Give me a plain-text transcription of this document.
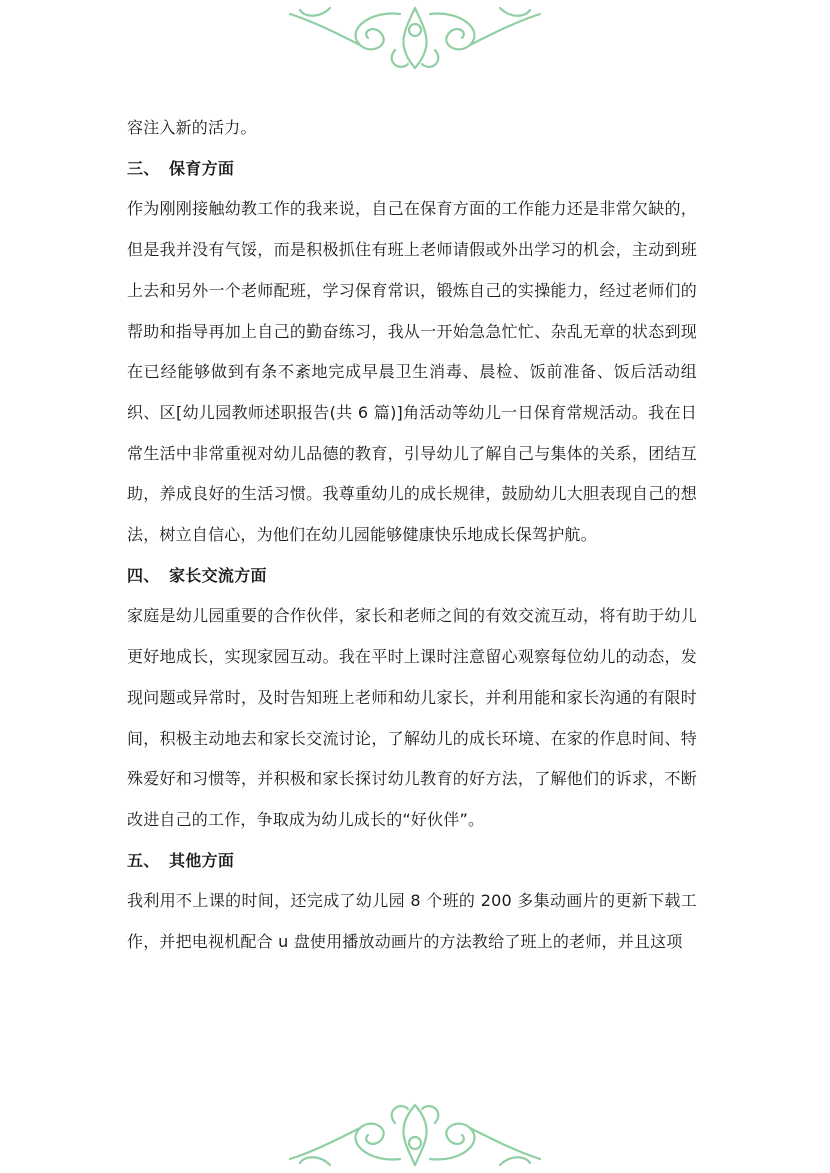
容注入新的活力。

三、 保育方面

作为刚刚接触幼教工作的我来说，自己在保育方面的工作能力还是非常欠缺的，但是我并没有气馁，而是积极抓住有班上老师请假或外出学习的机会，主动到班上去和另外一个老师配班，学习保育常识，锻炼自己的实操能力，经过老师们的帮助和指导再加上自己的勤奋练习，我从一开始急急忙忙、杂乱无章的状态到现在已经能够做到有条不紊地完成早晨卫生消毒、晨检、饭前准备、饭后活动组织、区[幼儿园教师述职报告(共 6 篇)]角活动等幼儿一日保育常规活动。我在日常生活中非常重视对幼儿品德的教育，引导幼儿了解自己与集体的关系，团结互助，养成良好的生活习惯。我尊重幼儿的成长规律，鼓励幼儿大胆表现自己的想法，树立自信心，为他们在幼儿园能够健康快乐地成长保驾护航。

四、 家长交流方面

家庭是幼儿园重要的合作伙伴，家长和老师之间的有效交流互动，将有助于幼儿更好地成长，实现家园互动。我在平时上课时注意留心观察每位幼儿的动态，发现问题或异常时，及时告知班上老师和幼儿家长，并利用能和家长沟通的有限时间，积极主动地去和家长交流讨论，了解幼儿的成长环境、在家的作息时间、特殊爱好和习惯等，并积极和家长探讨幼儿教育的好方法，了解他们的诉求，不断改进自己的工作，争取成为幼儿成长的“好伙伴”。

五、 其他方面

我利用不上课的时间，还完成了幼儿园 8 个班的 200 多集动画片的更新下载工作，并把电视机配合 u 盘使用播放动画片的方法教给了班上的老师，并且这项
